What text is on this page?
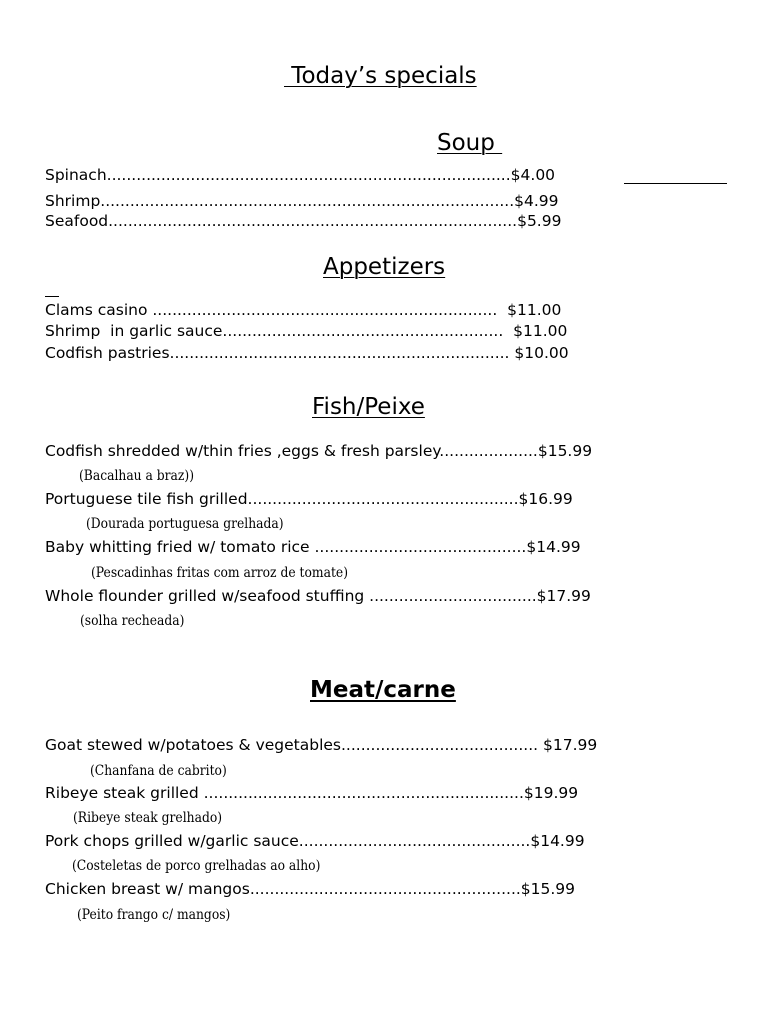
Today’s specials
Soup
Spinach..................................................................................$4.00
Shrimp....................................................................................$4.99
Seafood...................................................................................$5.99
Appetizers
Clams casino ......................................................................  $11.00
Shrimp  in garlic sauce.........................................................  $11.00
Codfish pastries..................................................................... $10.00
Fish/Peixe
Codfish shredded w/thin fries ,eggs & fresh parsley....................$15.99
(Bacalhau a braz))
Portuguese tile fish grilled.......................................................$16.99
(Dourada portuguesa grelhada)
Baby whitting fried w/ tomato rice ...........................................$14.99
(Pescadinhas fritas com arroz de tomate)
Whole flounder grilled w/seafood stuffing ..................................$17.99
(solha recheada)
Meat/carne
Goat stewed w/potatoes & vegetables........................................ $17.99
(Chanfana de cabrito)
Ribeye steak grilled .................................................................$19.99
(Ribeye steak grelhado)
Pork chops grilled w/garlic sauce...............................................$14.99
(Costeletas de porco grelhadas ao alho)
Chicken breast w/ mangos.......................................................$15.99
(Peito frango c/ mangos)
